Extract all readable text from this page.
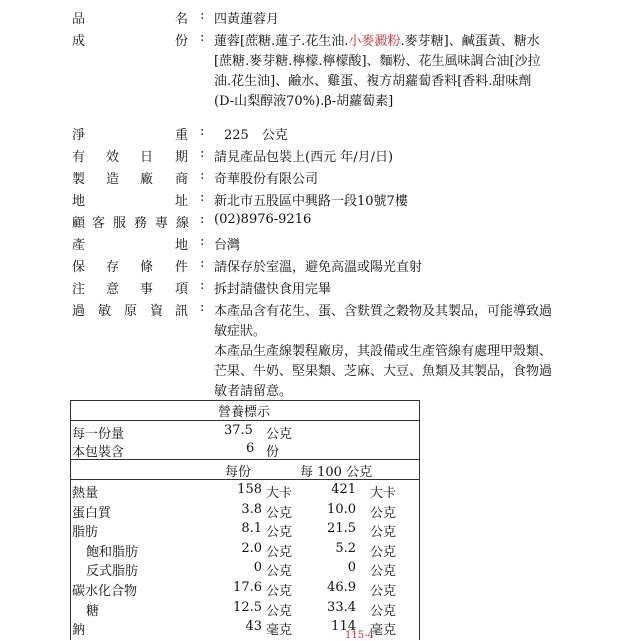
品	名 : 四黃蓮蓉月
成	份 : 蓮蓉[蔗糖.蓮子.花生油.小麥澱粉.麥芽糖]、鹹蛋黃、糖水
[蔗糖.麥芽糖.檸檬.檸檬酸]、麵粉、花生風味調合油[沙拉
油.花生油]、鹼水、雞蛋、複方胡蘿蔔香料[香料.甜味劑
(D-山梨醇液70%).β-胡蘿蔔素]
淨	重 : 225　公克
有 效 日 期 : 請見產品包裝上(西元 年/月/日)
製 造 廠 商 : 奇華股份有限公司
地	址 : 新北市五股區中興路一段10號7樓
顧 客 服 務 專 線 : (02)8976-9216
產	地 : 台灣
保 存 條 件 : 請保存於室溫，避免高溫或陽光直射
注 意 事 項 : 拆封請儘快食用完畢
過 敏 原 資 訊 : 本產品含有花生、蛋、含麩質之穀物及其製品，可能導致過
敏症狀。
本產品生產線製程廠房，其設備或生產管線有處理甲殼類、
芒果、牛奶、堅果類、芝麻、大豆、魚類及其製品，食物過
敏者請留意。
營養標示
每一份量	37.5 公克
本包裝含	6 份
每份	每 100 公克
熱量	158 大卡	421 大卡
蛋白質	3.8 公克	10.0 公克
脂肪	8.1 公克	21.5 公克
飽和脂肪	2.0 公克	5.2 公克
反式脂肪	0 公克	0 公克
碳水化合物	17.6 公克	46.9 公克
糖	12.5 公克	33.4 公克
鈉	43 毫克	114 毫克
115-4
